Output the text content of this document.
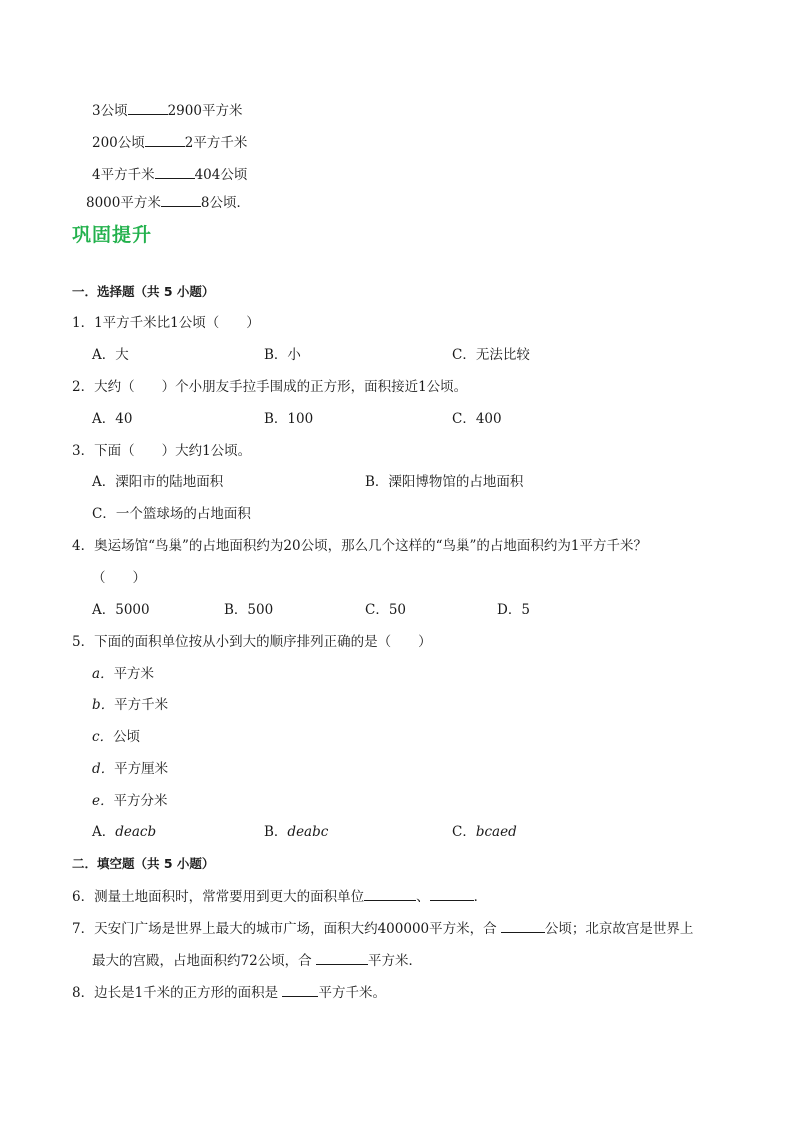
3公顷	2900平方米
200公顷	2平方千米
4平方千米	404公顷
8000平方米	8公顷．
巩固提升
一．选择题（共 5 小题）
1．1平方千米比1公顷（　　）
A．大	B．小	C．无法比较
2．大约（　　）个小朋友手拉手围成的正方形，面积接近1公顷。
A．40	B．100	C．400
3．下面（　　）大约1公顷。
A．溧阳市的陆地面积	B．溧阳博物馆的占地面积
C．一个篮球场的占地面积
4．奥运场馆“鸟巢”的占地面积约为20公顷，那么几个这样的“鸟巢”的占地面积约为1平方千米？
（　　）
A．5000	B．500	C．50	D．5
5．下面的面积单位按从小到大的顺序排列正确的是（　　）
a．平方米
b．平方千米
c．公顷
d．平方厘米
e．平方分米
A．deacb	B．deabc	C．bcaed
二．填空题（共 5 小题）
6．测量土地面积时，常常要用到更大的面积单位	、	．
7．天安门广场是世界上最大的城市广场，面积大约400000平方米，合	公顷；北京故宫是世界上
最大的宫殿，占地面积约72公顷，合	平方米．
8．边长是1千米的正方形的面积是	平方千米。
